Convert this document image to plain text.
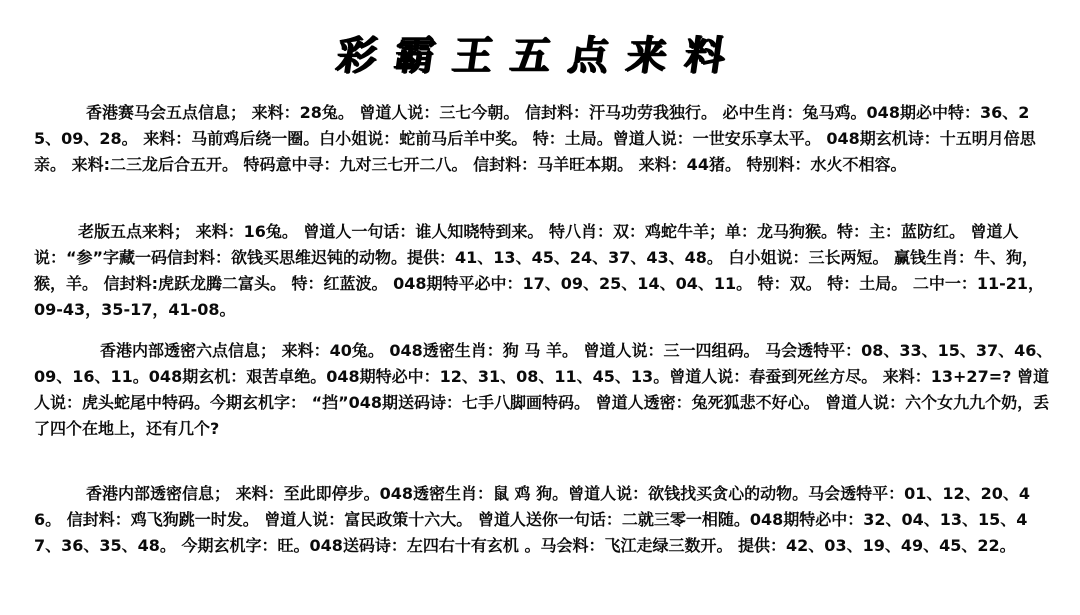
彩霸王五点来料

香港赛马会五点信息； 来料：28兔。 曾道人说：三七今朝。 信封料：汗马功劳我独行。 必中生肖：兔马鸡。048期必中特：36、25、09、28。 来料：马前鸡后绕一圈。白小姐说：蛇前马后羊中奖。 特：土局。曾道人说：一世安乐享太平。 048期玄机诗：十五明月倍思亲。 来料:二三龙后合五开。 特码意中寻：九对三七开二八。 信封料：马羊旺本期。 来料：44猪。 特别料：水火不相容。

老版五点来料； 来料：16兔。 曾道人一句话：谁人知晓特到来。 特八肖：双：鸡蛇牛羊；单：龙马狗猴。特：主：蓝防红。 曾道人说：“参”字藏一码信封料：欲钱买思维迟钝的动物。提供：41、13、45、24、37、43、48。 白小姐说：三长两短。 赢钱生肖：牛、狗，猴，羊。 信封料:虎跃龙腾二富头。 特：红蓝波。 048期特平必中：17、09、25、14、04、11。 特：双。 特：土局。 二中一：11-21，09-43，35-17，41-08。

香港内部透密六点信息； 来料：40兔。 048透密生肖：狗 马 羊。 曾道人说：三一四组码。 马会透特平：08、33、15、37、46、09、16、11。048期玄机：艰苦卓绝。048期特必中：12、31、08、11、45、13。曾道人说：春蚕到死丝方尽。 来料：13+27=? 曾道人说：虎头蛇尾中特码。今期玄机字： “挡”048期送码诗：七手八脚画特码。 曾道人透密：兔死狐悲不好心。 曾道人说：六个女九九个奶，丢了四个在地上，还有几个?

香港内部透密信息； 来料：至此即停步。048透密生肖：鼠 鸡 狗。曾道人说：欲钱找买贪心的动物。马会透特平：01、12、20、46。 信封料：鸡飞狗跳一时发。 曾道人说：富民政策十六大。 曾道人送你一句话：二就三零一相随。048期特必中：32、04、13、15、47、36、35、48。 今期玄机字：旺。048送码诗：左四右十有玄机 。马会料：飞江走绿三数开。 提供：42、03、19、49、45、22。
